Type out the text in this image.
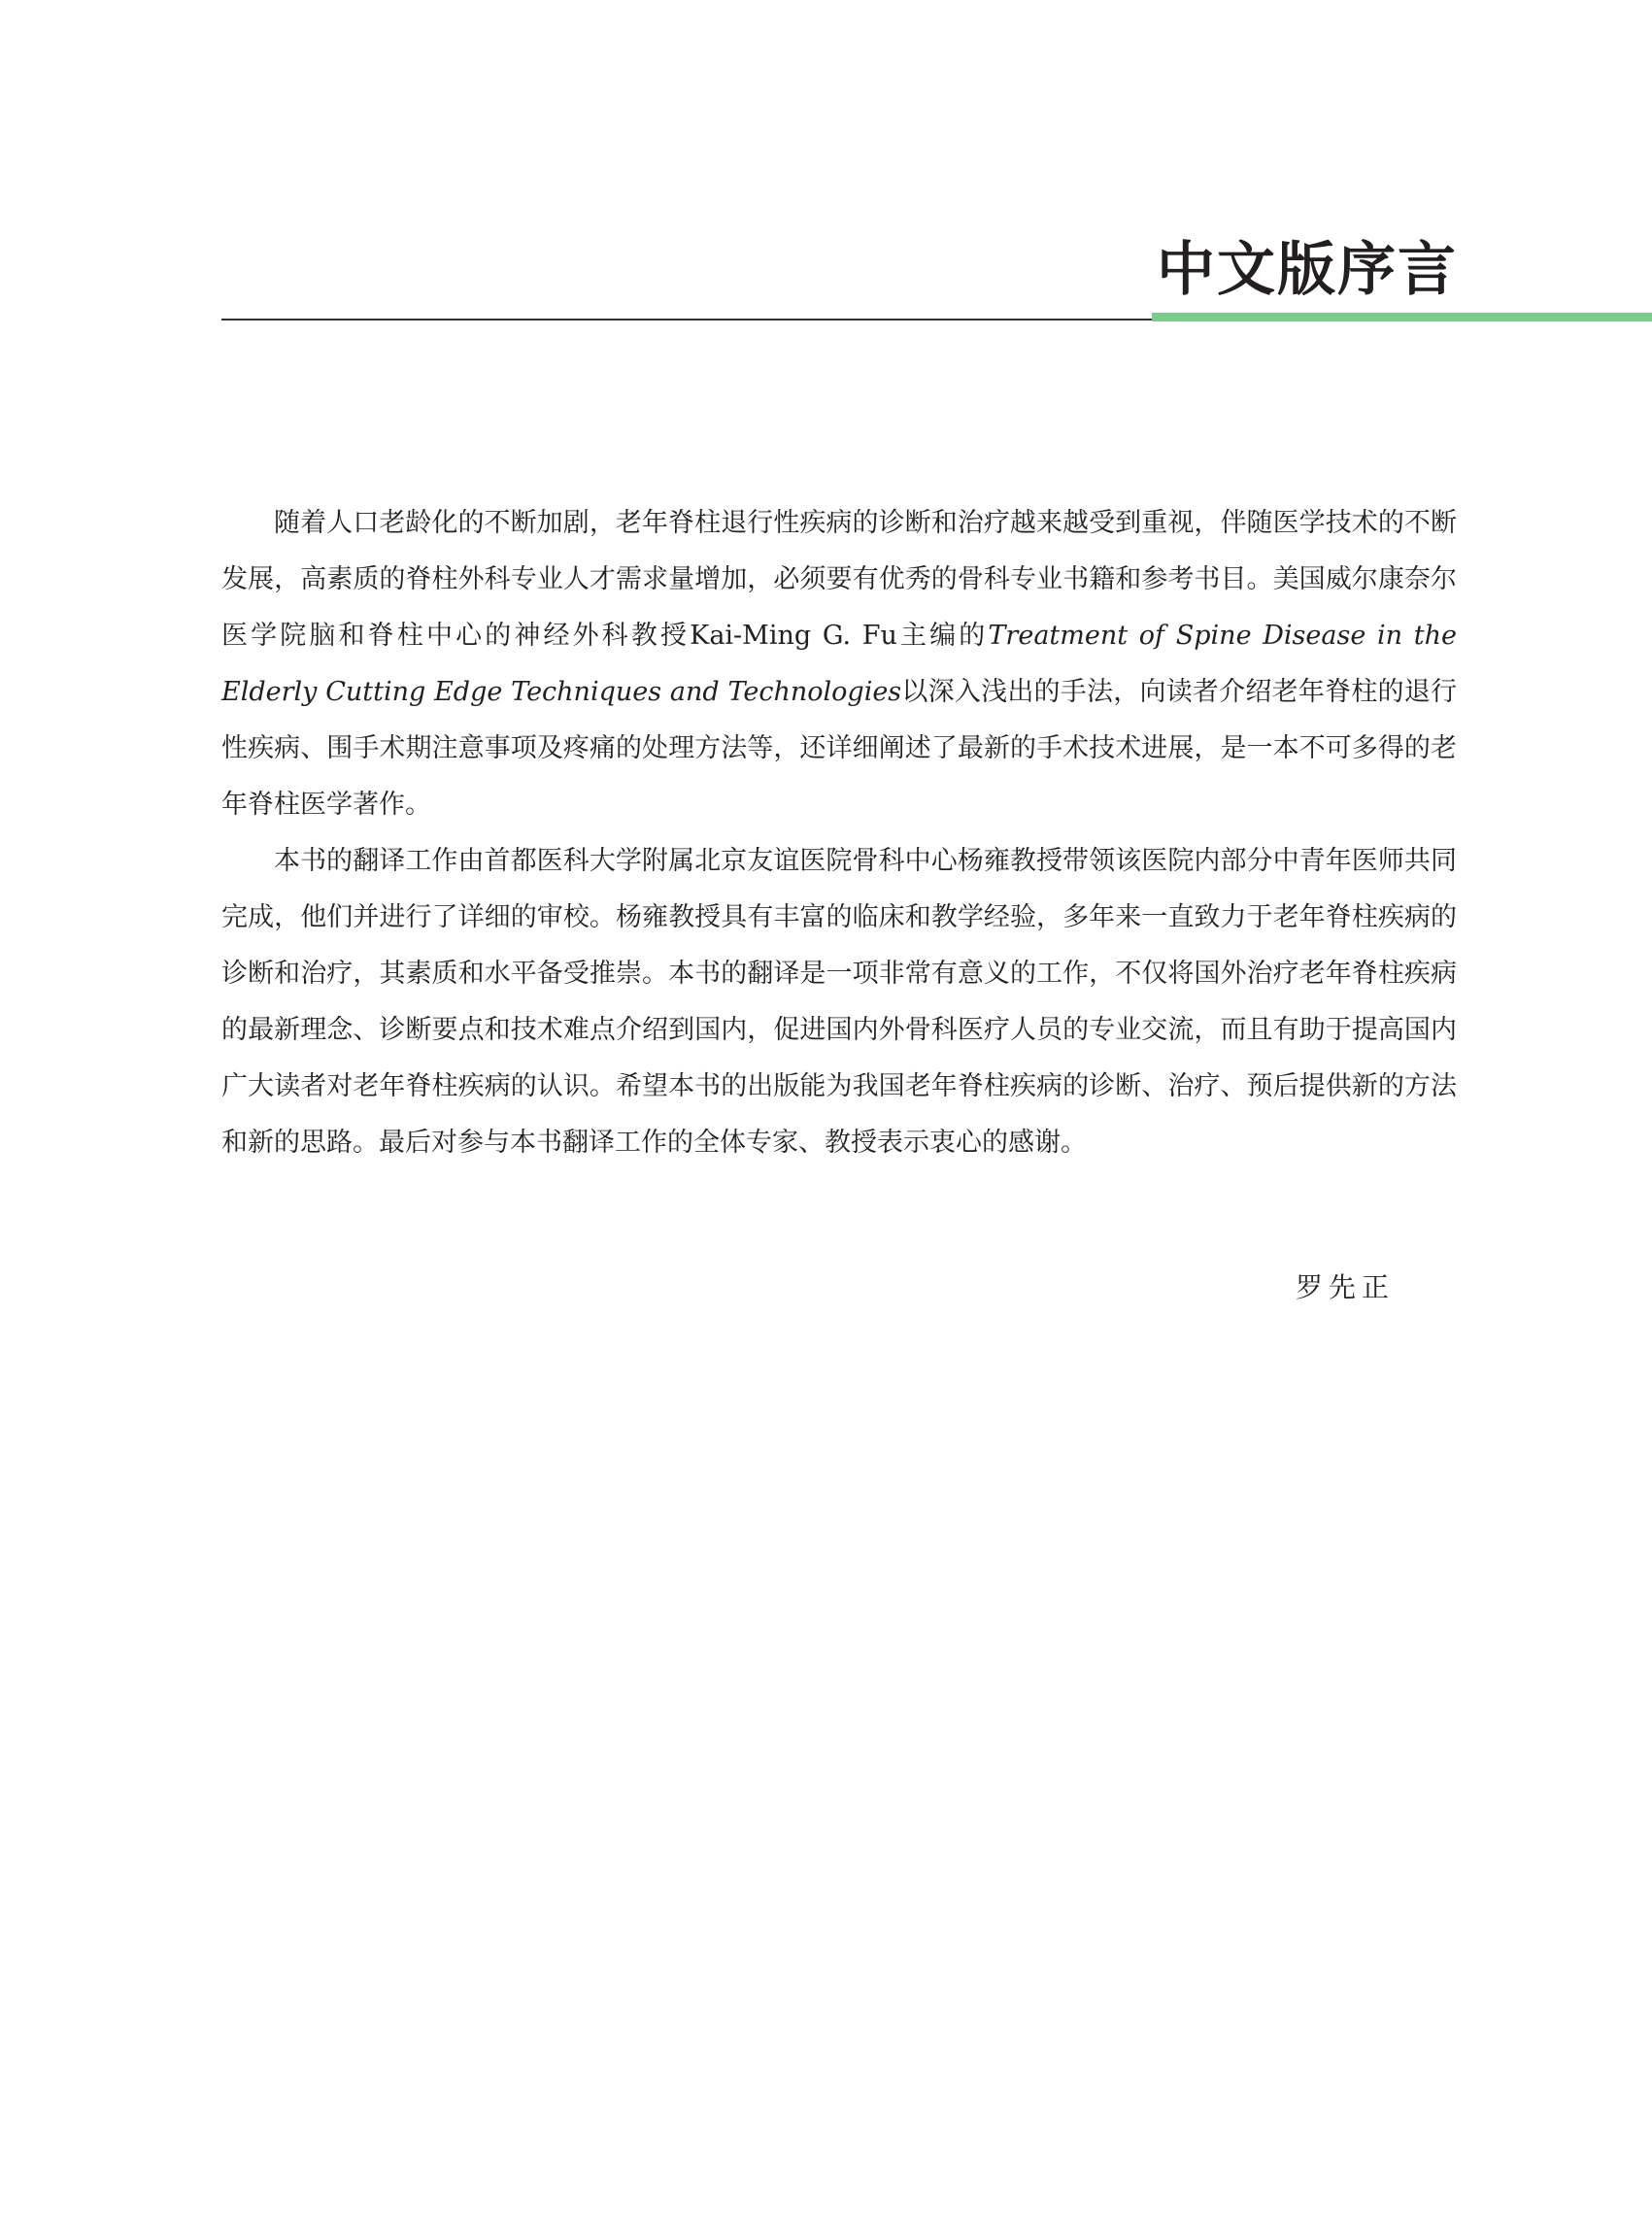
中文版序言

随着人口老龄化的不断加剧，老年脊柱退行性疾病的诊断和治疗越来越受到重视，伴随医学技术的不断发展，高素质的脊柱外科专业人才需求量增加，必须要有优秀的骨科专业书籍和参考书目。美国威尔康奈尔医学院脑和脊柱中心的神经外科教授Kai-Ming G. Fu主编的Treatment of Spine Disease in the Elderly Cutting Edge Techniques and Technologies以深入浅出的手法，向读者介绍老年脊柱的退行性疾病、围手术期注意事项及疼痛的处理方法等，还详细阐述了最新的手术技术进展，是一本不可多得的老年脊柱医学著作。

本书的翻译工作由首都医科大学附属北京友谊医院骨科中心杨雍教授带领该医院内部分中青年医师共同完成，他们并进行了详细的审校。杨雍教授具有丰富的临床和教学经验，多年来一直致力于老年脊柱疾病的诊断和治疗，其素质和水平备受推崇。本书的翻译是一项非常有意义的工作，不仅将国外治疗老年脊柱疾病的最新理念、诊断要点和技术难点介绍到国内，促进国内外骨科医疗人员的专业交流，而且有助于提高国内广大读者对老年脊柱疾病的认识。希望本书的出版能为我国老年脊柱疾病的诊断、治疗、预后提供新的方法和新的思路。最后对参与本书翻译工作的全体专家、教授表示衷心的感谢。

罗先正
